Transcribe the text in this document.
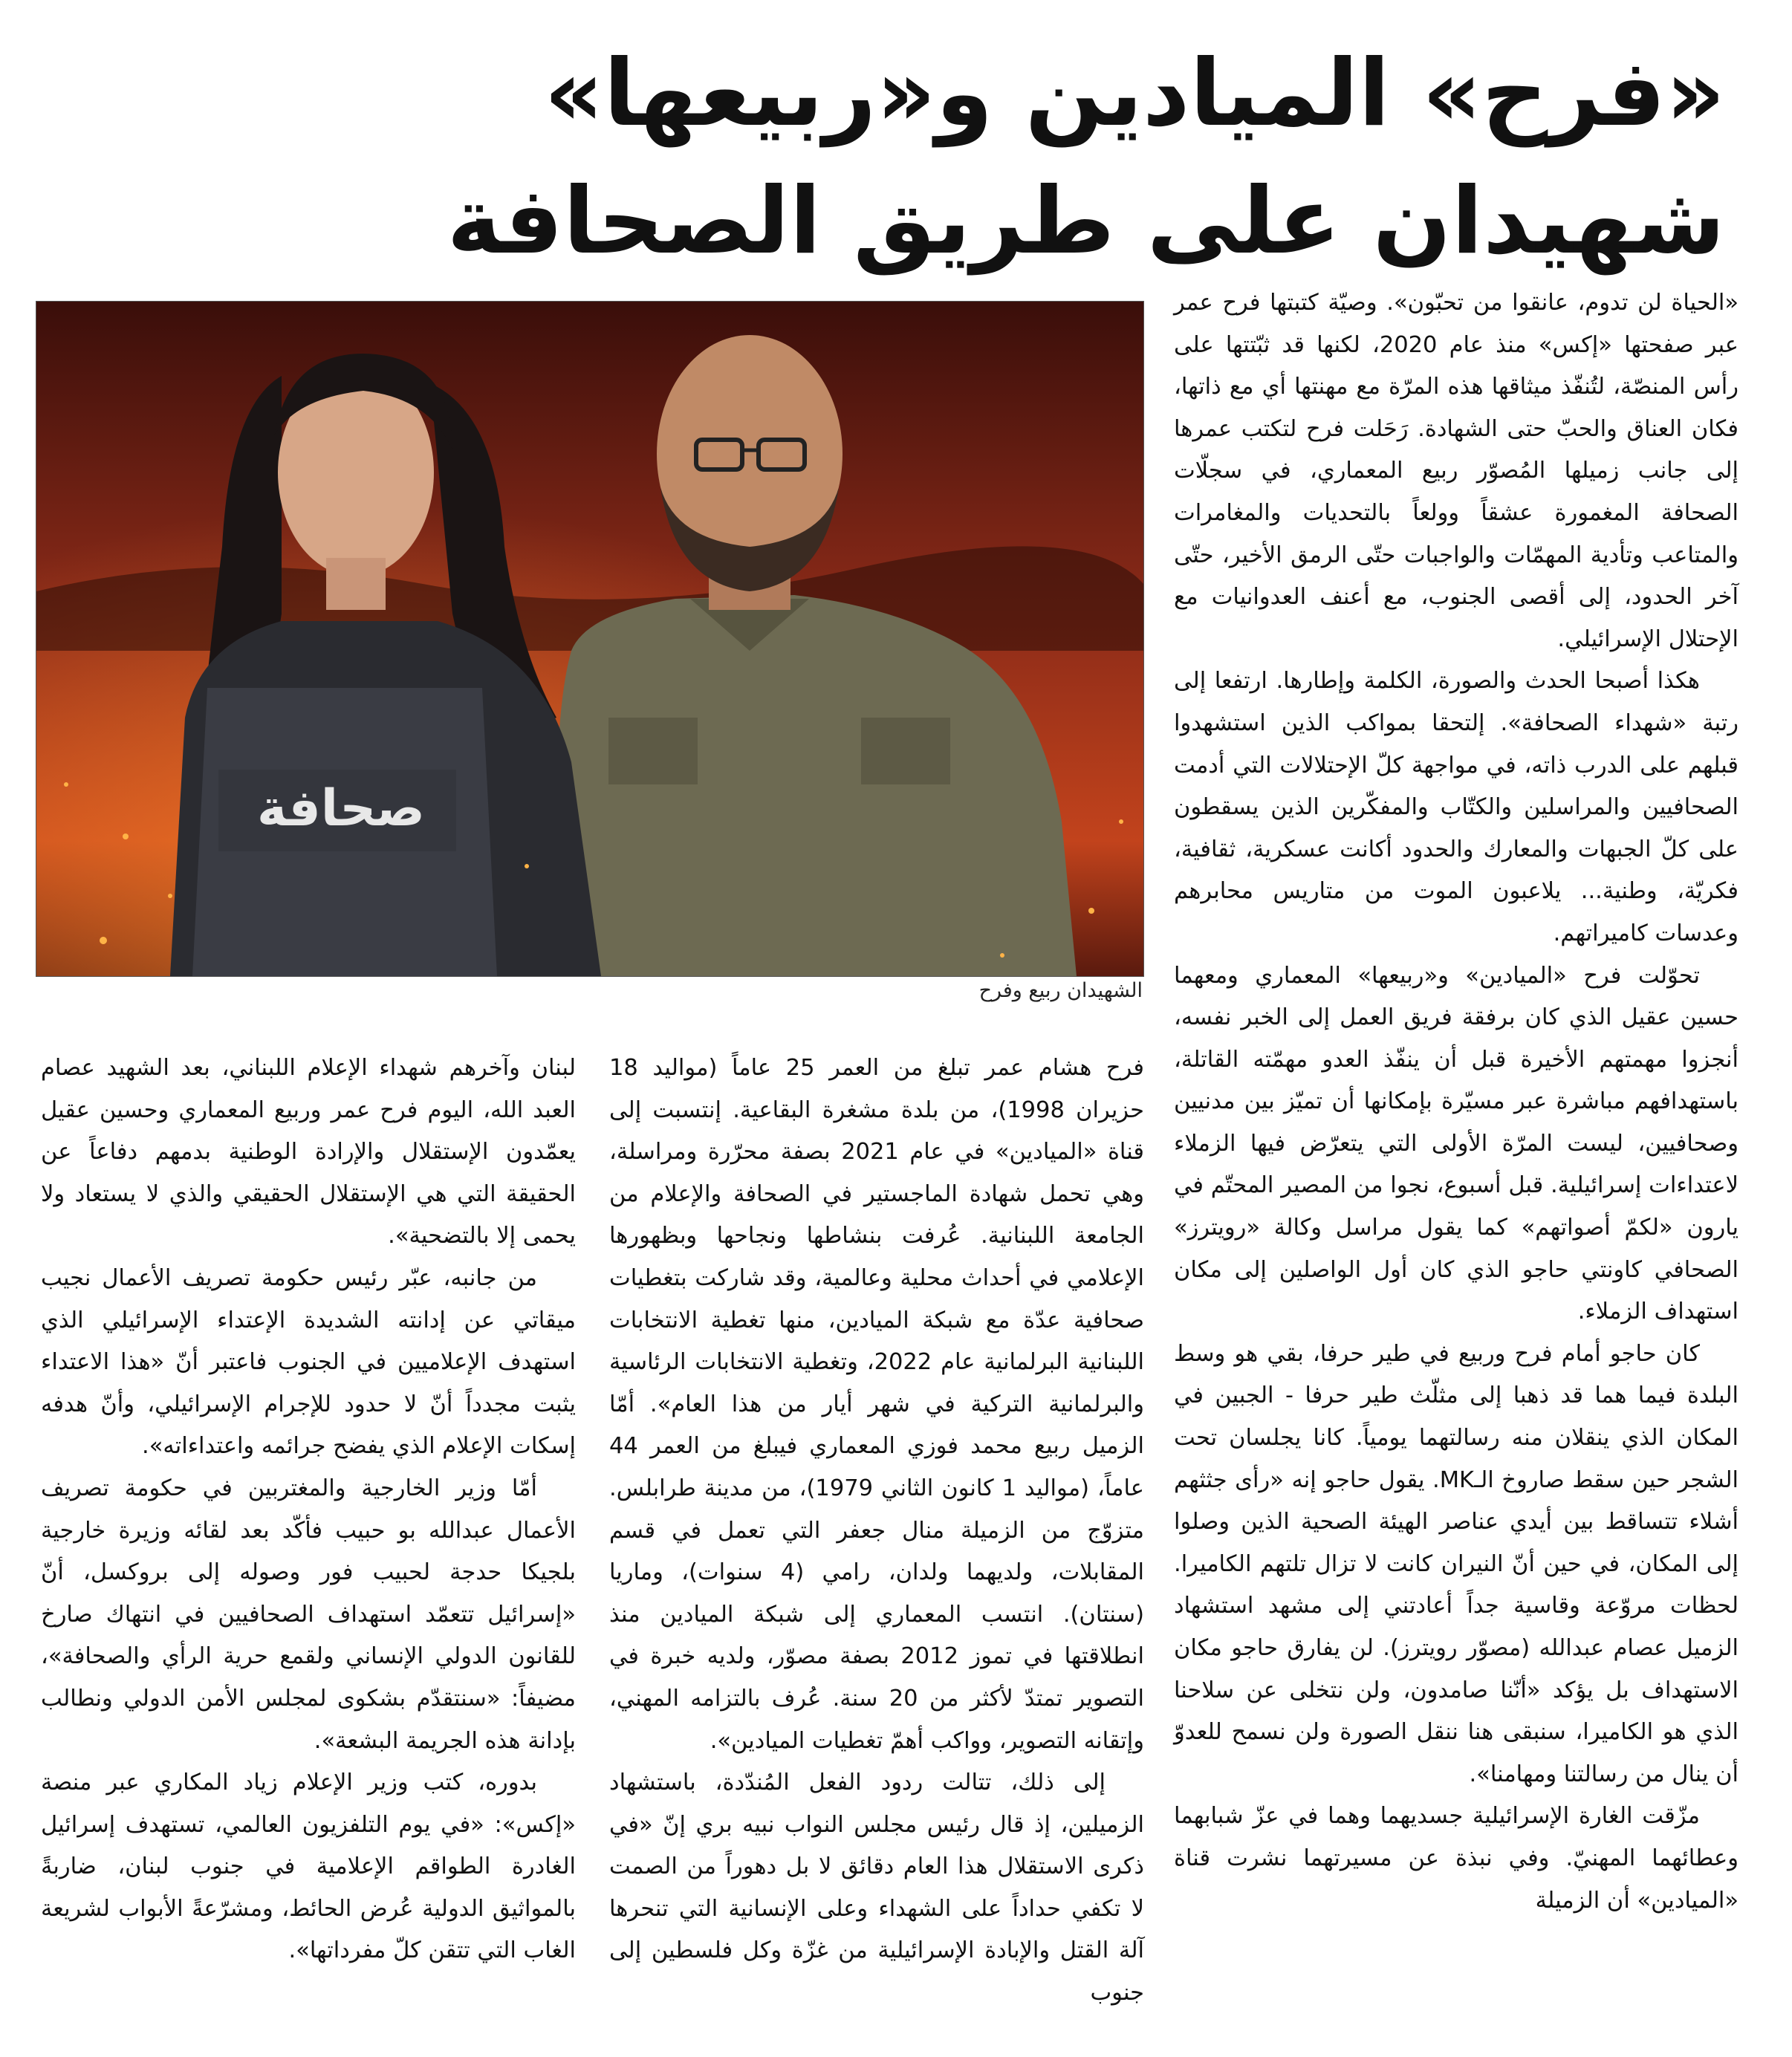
«فرح» الميادين و«ربيعها»
شهيدان على طريق الصحافة
صحافة
الشهيدان ربيع وفرح

«الحياة لن تدوم، عانقوا من تحبّون». وصيّة كتبتها فرح عمر عبر صفحتها «إكس» منذ عام 2020، لكنها قد ثبّتتها على رأس المنصّة، لتُنفّذ ميثاقها هذه المرّة مع مهنتها أي مع ذاتها، فكان العناق والحبّ حتى الشهادة. رَحَلت فرح لتكتب عمرها إلى جانب زميلها المُصوّر ربيع المعماري، في سجلّات الصحافة المغمورة عشقاً وولعاً بالتحديات والمغامرات والمتاعب وتأدية المهمّات والواجبات حتّى الرمق الأخير، حتّى آخر الحدود، إلى أقصى الجنوب، مع أعنف العدوانيات مع الإحتلال الإسرائيلي.

هكذا أصبحا الحدث والصورة، الكلمة وإطارها. ارتفعا إلى رتبة «شهداء الصحافة». إلتحقا بمواكب الذين استشهدوا قبلهم على الدرب ذاته، في مواجهة كلّ الإحتلالات التي أدمت الصحافيين والمراسلين والكتّاب والمفكّرين الذين يسقطون على كلّ الجبهات والمعارك والحدود أكانت عسكرية، ثقافية، فكريّة، وطنية... يلاعبون الموت من متاريس محابرهم وعدسات كاميراتهم.

تحوّلت فرح «الميادين» و«ربيعها» المعماري ومعهما حسين عقيل الذي كان برفقة فريق العمل إلى الخبر نفسه، أنجزوا مهمتهم الأخيرة قبل أن ينفّذ العدو مهمّته القاتلة، باستهدافهم مباشرة عبر مسيّرة بإمكانها أن تميّز بين مدنيين وصحافيين، ليست المرّة الأولى التي يتعرّض فيها الزملاء لاعتداءات إسرائيلية. قبل أسبوع، نجوا من المصير المحتّم في يارون «لكمّ أصواتهم» كما يقول مراسل وكالة «رويترز» الصحافي كاونتي حاجو الذي كان أول الواصلين إلى مكان استهداف الزملاء.

كان حاجو أمام فرح وربيع في طير حرفا، بقي هو وسط البلدة فيما هما قد ذهبا إلى مثلّث طير حرفا - الجبين في المكان الذي ينقلان منه رسالتهما يومياً. كانا يجلسان تحت الشجر حين سقط صاروخ الـMK. يقول حاجو إنه «رأى جثثهم أشلاء تتساقط بين أيدي عناصر الهيئة الصحية الذين وصلوا إلى المكان، في حين أنّ النيران كانت لا تزال تلتهم الكاميرا. لحظات مروّعة وقاسية جداً أعادتني إلى مشهد استشهاد الزميل عصام عبدالله (مصوّر رويترز). لن يفارق حاجو مكان الاستهداف بل يؤكد «أنّنا صامدون، ولن نتخلى عن سلاحنا الذي هو الكاميرا، سنبقى هنا ننقل الصورة ولن نسمح للعدوّ أن ينال من رسالتنا ومهامنا».

مزّقت الغارة الإسرائيلية جسديهما وهما في عزّ شبابهما وعطائهما المهنيّ. وفي نبذة عن مسيرتهما نشرت قناة «الميادين» أن الزميلة

فرح هشام عمر تبلغ من العمر 25 عاماً (مواليد 18 حزيران 1998)، من بلدة مشغرة البقاعية. إنتسبت إلى قناة «الميادين» في عام 2021 بصفة محرّرة ومراسلة، وهي تحمل شهادة الماجستير في الصحافة والإعلام من الجامعة اللبنانية. عُرفت بنشاطها ونجاحها وبظهورها الإعلامي في أحداث محلية وعالمية، وقد شاركت بتغطيات صحافية عدّة مع شبكة الميادين، منها تغطية الانتخابات اللبنانية البرلمانية عام 2022، وتغطية الانتخابات الرئاسية والبرلمانية التركية في شهر أيار من هذا العام». أمّا الزميل ربيع محمد فوزي المعماري فيبلغ من العمر 44 عاماً، (مواليد 1 كانون الثاني 1979)، من مدينة طرابلس. متزوّج من الزميلة منال جعفر التي تعمل في قسم المقابلات، ولديهما ولدان، رامي (4 سنوات)، وماريا (سنتان). انتسب المعماري إلى شبكة الميادين منذ انطلاقتها في تموز 2012 بصفة مصوّر، ولديه خبرة في التصوير تمتدّ لأكثر من 20 سنة. عُرف بالتزامه المهني، وإتقانه التصوير، وواكب أهمّ تغطيات الميادين».

إلى ذلك، تتالت ردود الفعل المُندّدة، باستشهاد الزميلين، إذ قال رئيس مجلس النواب نبيه بري إنّ «في ذكرى الاستقلال هذا العام دقائق لا بل دهوراً من الصمت لا تكفي حداداً على الشهداء وعلى الإنسانية التي تنحرها آلة القتل والإبادة الإسرائيلية من غزّة وكل فلسطين إلى جنوب

لبنان وآخرهم شهداء الإعلام اللبناني، بعد الشهيد عصام العبد الله، اليوم فرح عمر وربيع المعماري وحسين عقيل يعمّدون الإستقلال والإرادة الوطنية بدمهم دفاعاً عن الحقيقة التي هي الإستقلال الحقيقي والذي لا يستعاد ولا يحمى إلا بالتضحية».

من جانبه، عبّر رئيس حكومة تصريف الأعمال نجيب ميقاتي عن إدانته الشديدة الإعتداء الإسرائيلي الذي استهدف الإعلاميين في الجنوب فاعتبر أنّ «هذا الاعتداء يثبت مجدداً أنّ لا حدود للإجرام الإسرائيلي، وأنّ هدفه إسكات الإعلام الذي يفضح جرائمه واعتداءاته».

أمّا وزير الخارجية والمغتربين في حكومة تصريف الأعمال عبدالله بو حبيب فأكّد بعد لقائه وزيرة خارجية بلجيكا حدجة لحبيب فور وصوله إلى بروكسل، أنّ «إسرائيل تتعمّد استهداف الصحافيين في انتهاك صارخ للقانون الدولي الإنساني ولقمع حرية الرأي والصحافة»، مضيفاً: «سنتقدّم بشكوى لمجلس الأمن الدولي ونطالب بإدانة هذه الجريمة البشعة».

بدوره، كتب وزير الإعلام زياد المكاري عبر منصة «إكس»: «في يوم التلفزيون العالمي، تستهدف إسرائيل الغادرة الطواقم الإعلامية في جنوب لبنان، ضاربةً بالمواثيق الدولية عُرض الحائط، ومشرّعةً الأبواب لشريعة الغاب التي تتقن كلّ مفرداتها».
